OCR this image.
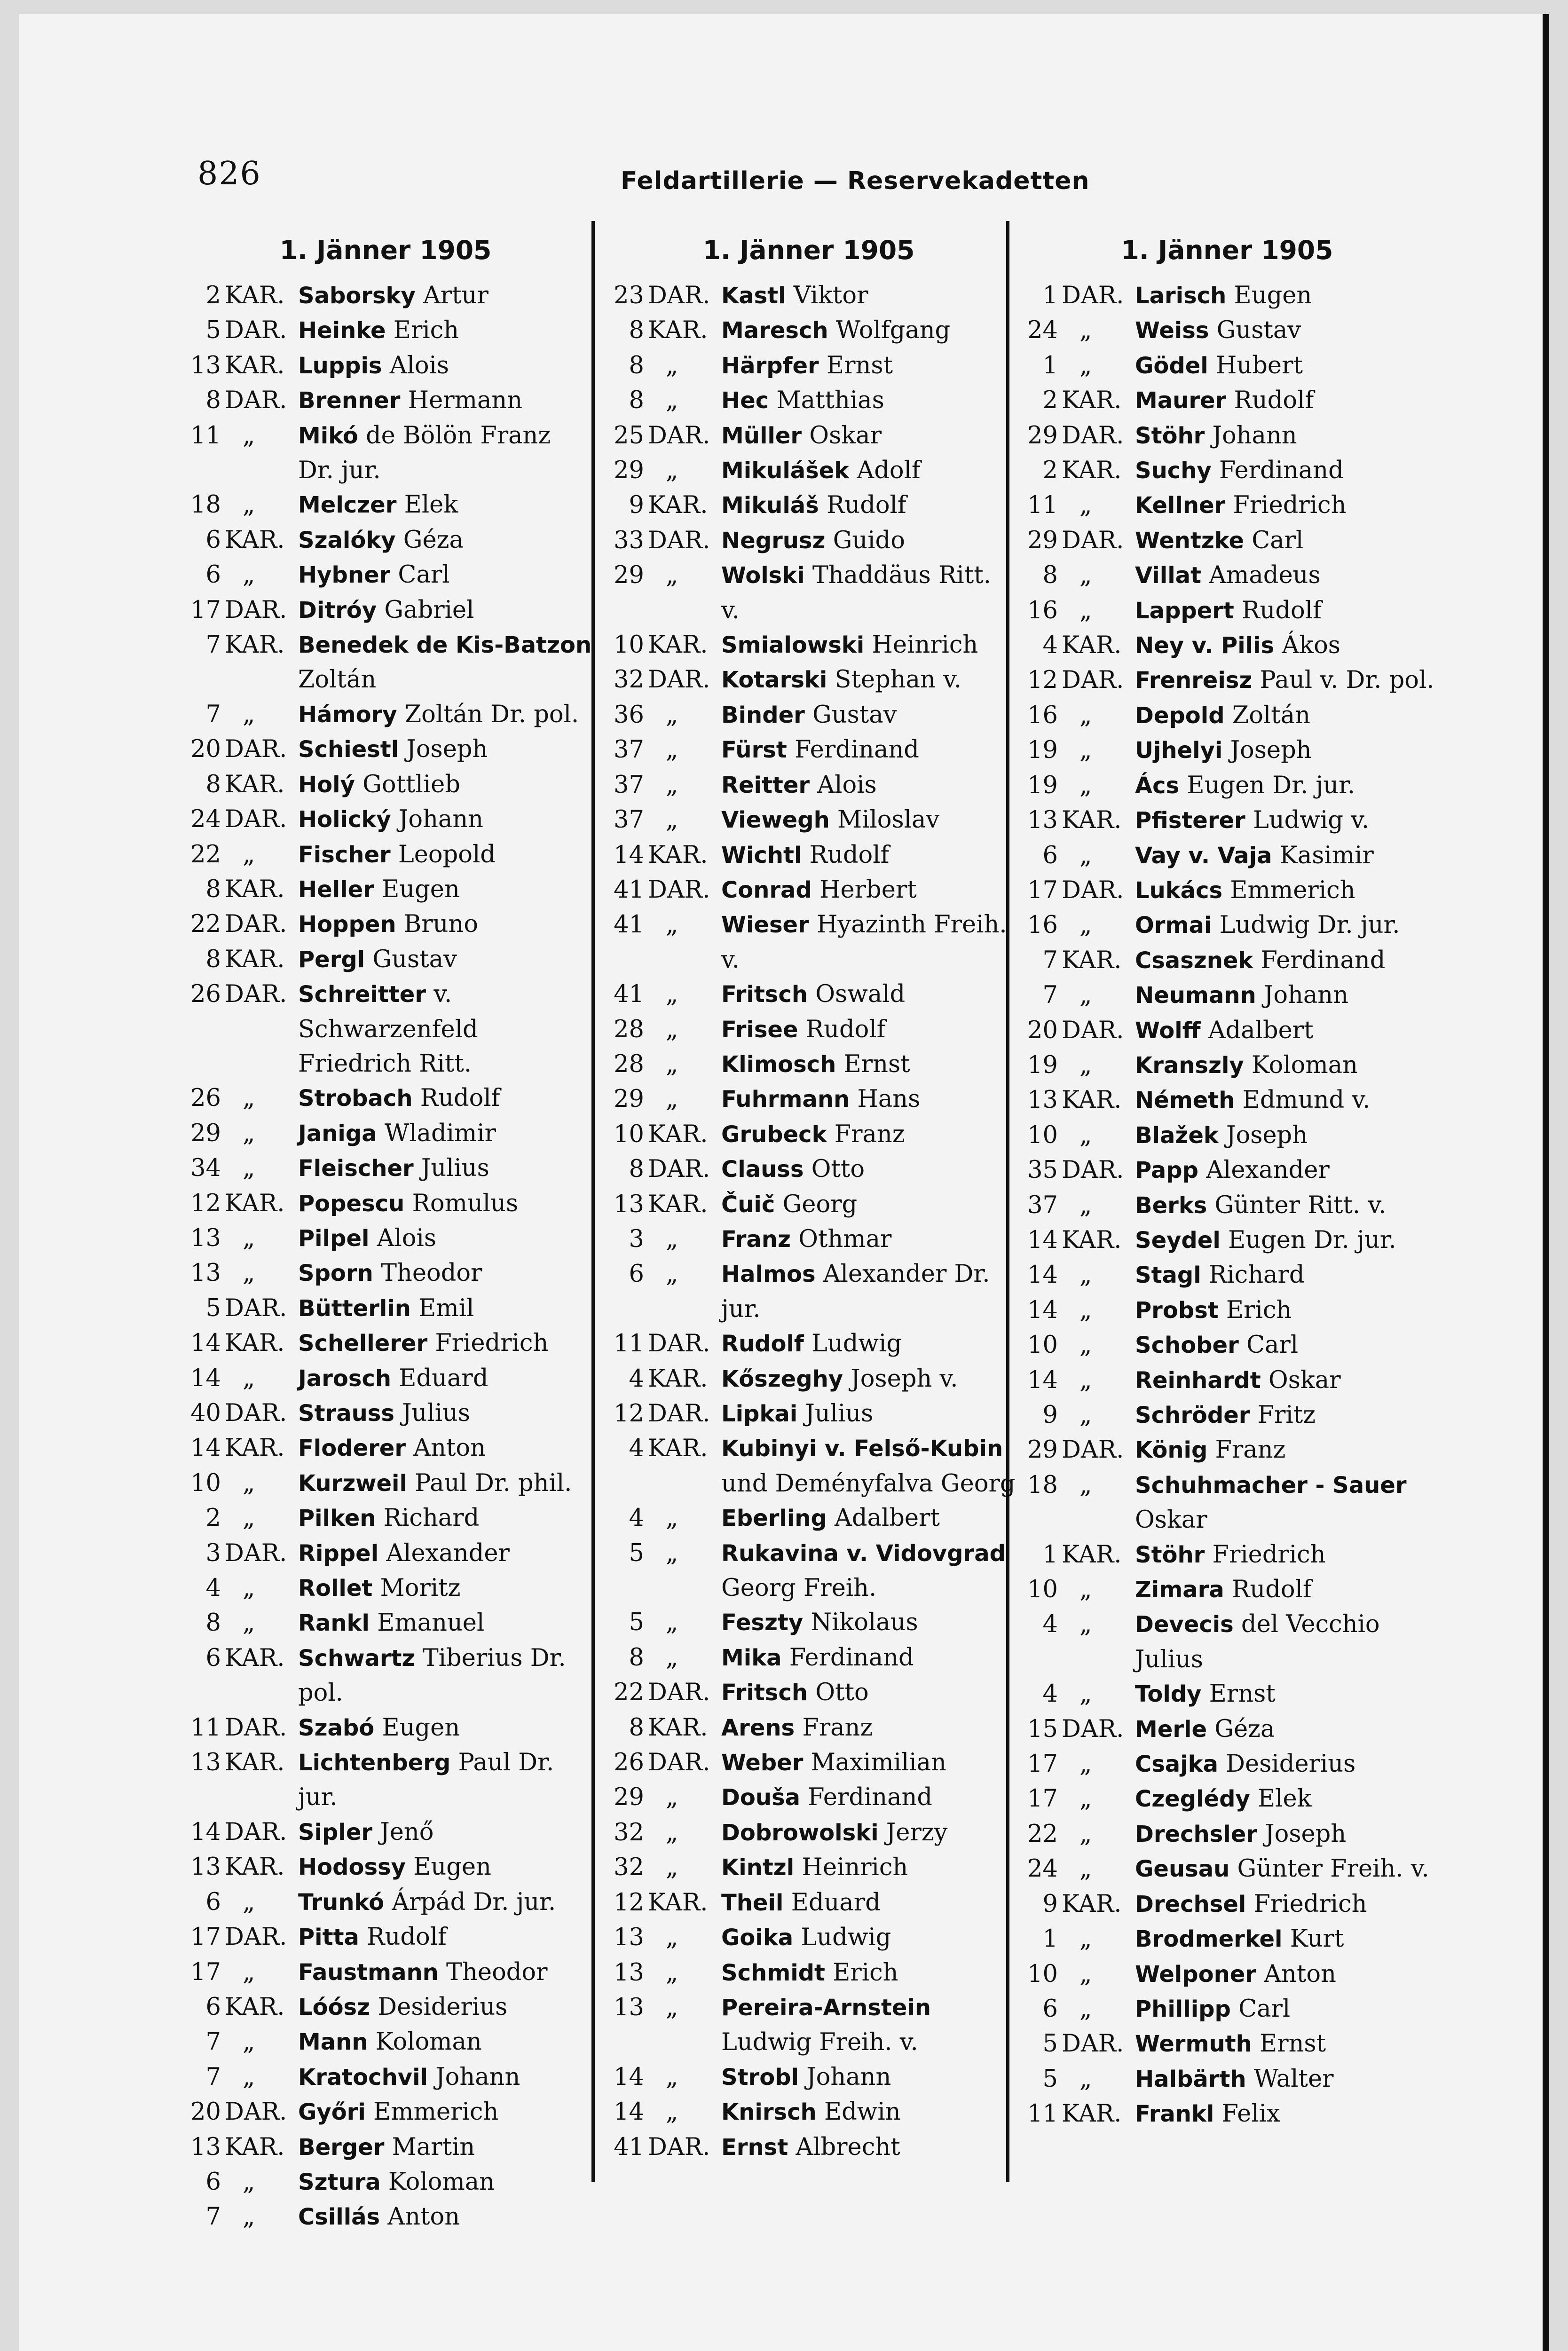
826	Feldartillerie — Reservekadetten
1. Jänner 1905
2 KAR. Saborsky Artur
5 DAR. Heinke Erich
13 KAR. Luppis Alois
8 DAR. Brenner Hermann
11 „	Mikó de Bölön Franz Dr. jur.
18 „	Melczer Elek
6 KAR. Szalóky Géza
6 „	Hybner Carl
17 DAR. Ditróy Gabriel
7 KAR. Benedek de Kis-Batzon Zoltán
7 „	Hámory Zoltán Dr. pol.
20 DAR. Schiestl Joseph
8 KAR. Holý Gottlieb
24 DAR. Holický Johann
22 „	Fischer Leopold
8 KAR. Heller Eugen
22 DAR. Hoppen Bruno
8 KAR. Pergl Gustav
26 DAR. Schreitter v. Schwarzenfeld Friedrich Ritt.
26 „	Strobach Rudolf
29 „	Janiga Wladimir
34 „	Fleischer Julius
12 KAR. Popescu Romulus
13 „	Pilpel Alois
13 „	Sporn Theodor
5 DAR. Bütterlin Emil
14 KAR. Schellerer Friedrich
14 „	Jarosch Eduard
40 DAR. Strauss Julius
14 KAR. Floderer Anton
10 „	Kurzweil Paul Dr. phil.
2 „	Pilken Richard
3 DAR. Rippel Alexander
4 „	Rollet Moritz
8 „	Rankl Emanuel
6 KAR. Schwartz Tiberius Dr. pol.
11 DAR. Szabó Eugen
13 KAR. Lichtenberg Paul Dr. jur.
14 DAR. Sipler Jenő
13 KAR. Hodossy Eugen
6 „	Trunkó Árpád Dr. jur.
17 DAR. Pitta Rudolf
17 „	Faustmann Theodor
6 KAR. Lóósz Desiderius
7 „	Mann Koloman
7 „	Kratochvil Johann
20 DAR. Győri Emmerich
13 KAR. Berger Martin
6 „	Sztura Koloman
7 „	Csillás Anton
1. Jänner 1905
23 DAR. Kastl Viktor
8 KAR. Maresch Wolfgang
8 „	Härpfer Ernst
8 „	Hec Matthias
25 DAR. Müller Oskar
29 „	Mikulášek Adolf
9 KAR. Mikuláš Rudolf
33 DAR. Negrusz Guido
29 „	Wolski Thaddäus Ritt. v.
10 KAR. Smialowski Heinrich
32 DAR. Kotarski Stephan v.
36 „	Binder Gustav
37 „	Fürst Ferdinand
37 „	Reitter Alois
37 „	Viewegh Miloslav
14 KAR. Wichtl Rudolf
41 DAR. Conrad Herbert
41 „	Wieser Hyazinth Freih. v.
41 „	Fritsch Oswald
28 „	Frisee Rudolf
28 „	Klimosch Ernst
29 „	Fuhrmann Hans
10 KAR. Grubeck Franz
8 DAR. Clauss Otto
13 KAR. Čuič Georg
3 „	Franz Othmar
6 „	Halmos Alexander Dr. jur.
11 DAR. Rudolf Ludwig
4 KAR. Kőszeghy Joseph v.
12 DAR. Lipkai Julius
4 KAR. Kubinyi v. Felső-Kubin und Deményfalva Georg
4 „	Eberling Adalbert
5 „	Rukavina v. Vidovgrad Georg Freih.
5 „	Feszty Nikolaus
8 „	Mika Ferdinand
22 DAR. Fritsch Otto
8 KAR. Arens Franz
26 DAR. Weber Maximilian
29 „	Douša Ferdinand
32 „	Dobrowolski Jerzy
32 „	Kintzl Heinrich
12 KAR. Theil Eduard
13 „	Goika Ludwig
13 „	Schmidt Erich
13 „	Pereira-Arnstein Ludwig Freih. v.
14 „	Strobl Johann
14 „	Knirsch Edwin
41 DAR. Ernst Albrecht
1. Jänner 1905
1 DAR. Larisch Eugen
24 „	Weiss Gustav
1 „	Gödel Hubert
2 KAR. Maurer Rudolf
29 DAR. Stöhr Johann
2 KAR. Suchy Ferdinand
11 „	Kellner Friedrich
29 DAR. Wentzke Carl
8 „	Villat Amadeus
16 „	Lappert Rudolf
4 KAR. Ney v. Pilis Ákos
12 DAR. Frenreisz Paul v. Dr. pol.
16 „	Depold Zoltán
19 „	Ujhelyi Joseph
19 „	Ács Eugen Dr. jur.
13 KAR. Pfisterer Ludwig v.
6 „	Vay v. Vaja Kasimir
17 DAR. Lukács Emmerich
16 „	Ormai Ludwig Dr. jur.
7 KAR. Csasznek Ferdinand
7 „	Neumann Johann
20 DAR. Wolff Adalbert
19 „	Kranszly Koloman
13 KAR. Németh Edmund v.
10 „	Blažek Joseph
35 DAR. Papp Alexander
37 „	Berks Günter Ritt. v.
14 KAR. Seydel Eugen Dr. jur.
14 „	Stagl Richard
14 „	Probst Erich
10 „	Schober Carl
14 „	Reinhardt Oskar
9 „	Schröder Fritz
29 DAR. König Franz
18 „	Schuhmacher - Sauer Oskar
1 KAR. Stöhr Friedrich
10 „	Zimara Rudolf
4 „	Devecis del Vecchio Julius
4 „	Toldy Ernst
15 DAR. Merle Géza
17 „	Csajka Desiderius
17 „	Czeglédy Elek
22 „	Drechsler Joseph
24 „	Geusau Günter Freih. v.
9 KAR. Drechsel Friedrich
1 „	Brodmerkel Kurt
10 „	Welponer Anton
6 „	Phillipp Carl
5 DAR. Wermuth Ernst
5 „	Halbärth Walter
11 KAR. Frankl Felix
